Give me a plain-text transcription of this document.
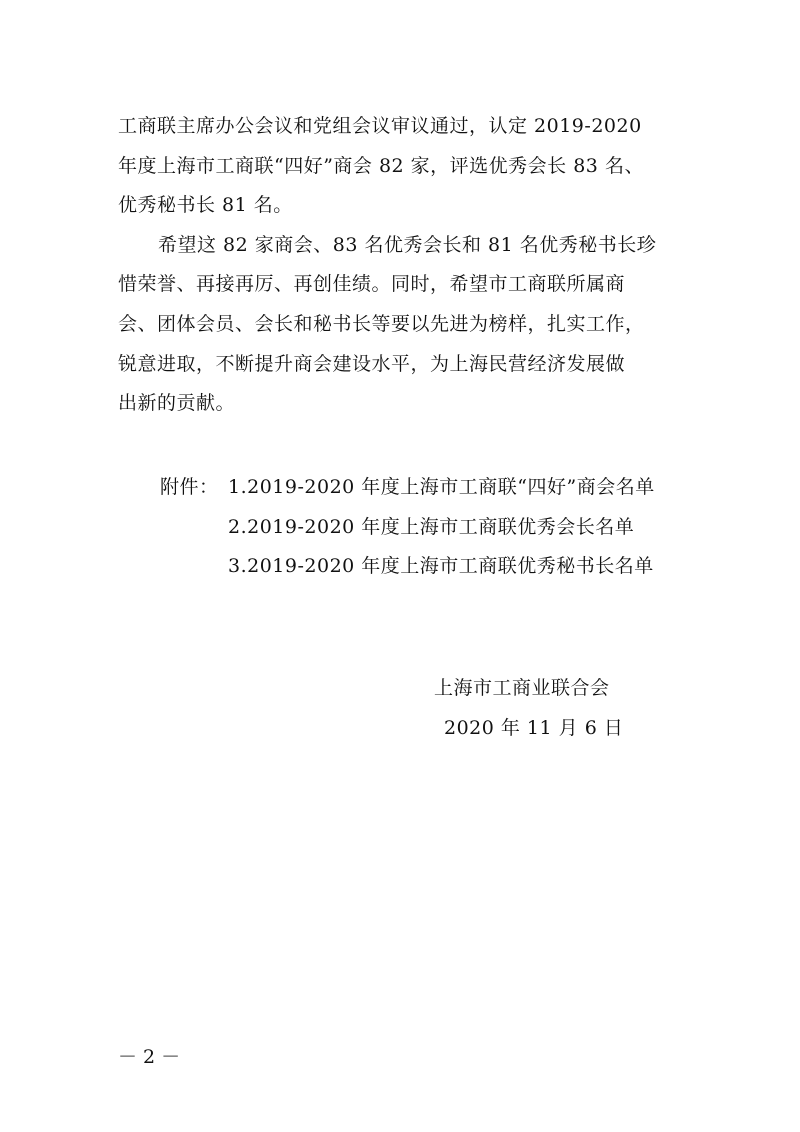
工商联主席办公会议和党组会议审议通过，认定 2019-2020
年度上海市工商联“四好”商会 82 家，评选优秀会长 83 名、
优秀秘书长 81 名。
希望这 82 家商会、83 名优秀会长和 81 名优秀秘书长珍
惜荣誉、再接再厉、再创佳绩。同时，希望市工商联所属商
会、团体会员、会长和秘书长等要以先进为榜样，扎实工作，
锐意进取，不断提升商会建设水平，为上海民营经济发展做
出新的贡献。
附件： 1.2019-2020 年度上海市工商联“四好”商会名单
2.2019-2020 年度上海市工商联优秀会长名单
3.2019-2020 年度上海市工商联优秀秘书长名单
上海市工商业联合会
2020 年 11 月 6 日
－ 2 －
